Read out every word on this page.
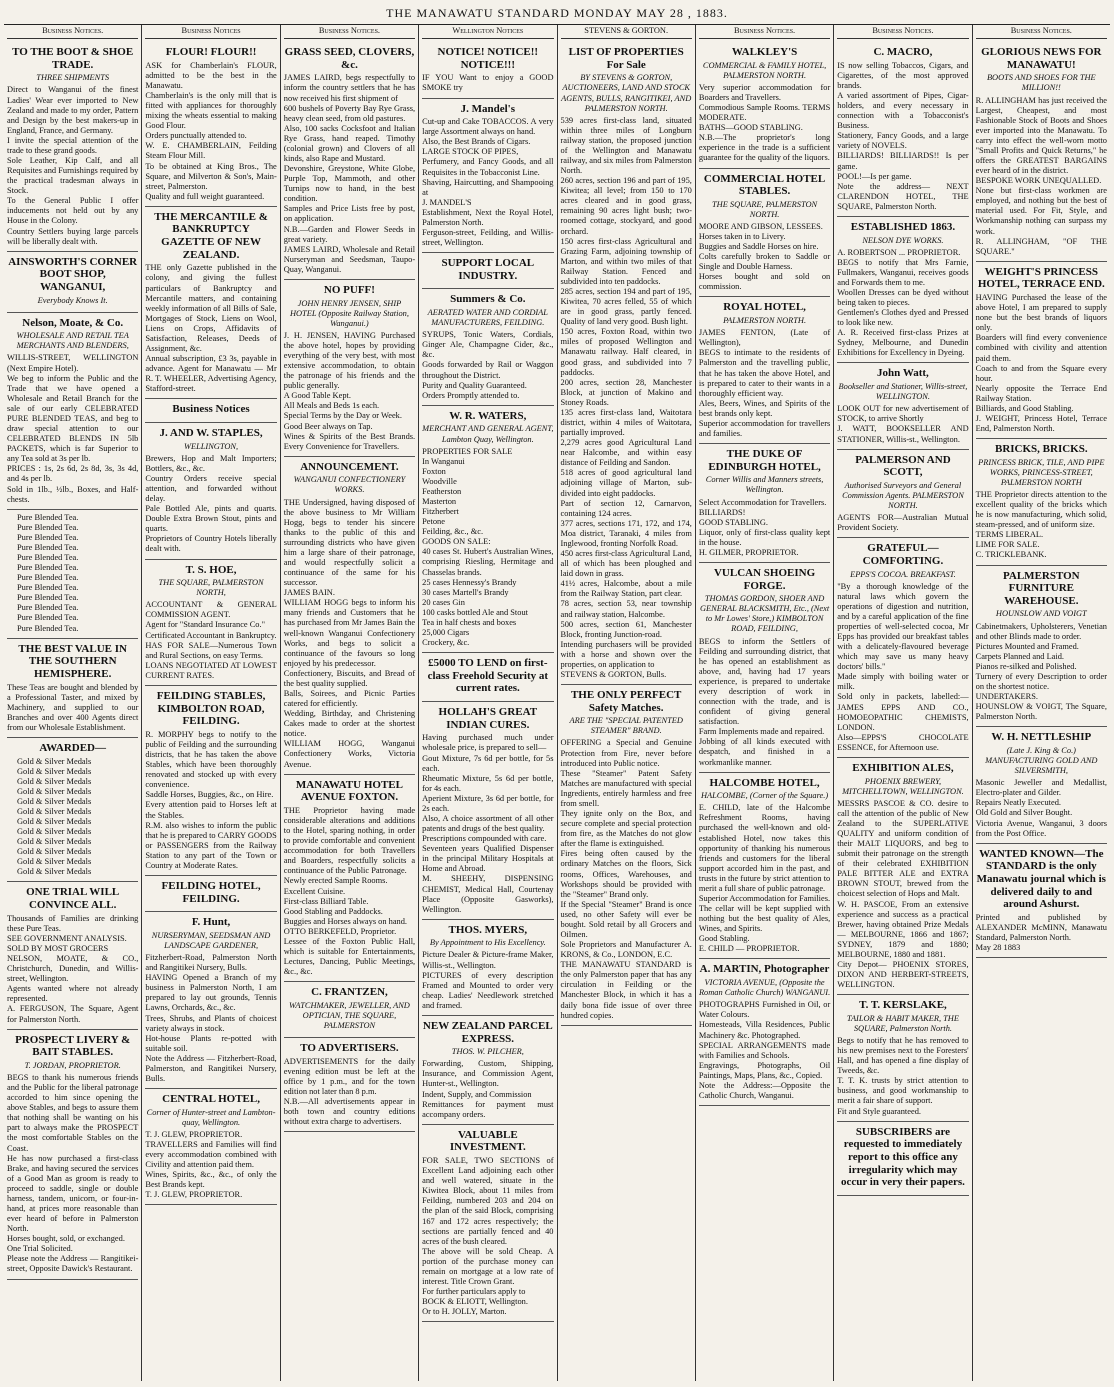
THE MANAWATU STANDARD MONDAY MAY 28 , 1883.
Business Notices.
TO THE BOOT & SHOE TRADE.
THREE SHIPMENTS
Direct to Wanganui of the finest Ladies' Wear ever imported to New Zealand and made to my order, Pattern and Design by the best makers-up in England, France, and Germany.
I invite the special attention of the trade to these grand goods.
Sole Leather, Kip Calf, and all Requisites and Furnishings required by the practical tradesman always in Stock.
To the General Public I offer inducements not held out by any House in the Colony.
Country Settlers buying large parcels will be liberally dealt with.
AINSWORTH'S CORNER BOOT SHOP, WANGANUI,
Everybody Knows It.
Nelson, Moate, & Co.
WHOLESALE AND RETAIL TEA MERCHANTS AND BLENDERS,
WILLIS-STREET, WELLINGTON (Next Empire Hotel).
We beg to inform the Public and the Trade that we have opened a Wholesale and Retail Branch for the sale of our early CELEBRATED PURE BLENDED TEAS, and beg to draw special attention to our CELEBRATED BLENDS IN 5lb PACKETS, which is far Superior to any Tea sold at 3s per lb.
PRICES : 1s, 2s 6d, 2s 8d, 3s, 3s 4d, and 4s per lb.
Sold in 1lb., ½lb., Boxes, and Half-chests.
Pure Blended Tea.
Pure Blended Tea.
Pure Blended Tea.
Pure Blended Tea.
Pure Blended Tea.
Pure Blended Tea.
Pure Blended Tea.
Pure Blended Tea.
Pure Blended Tea.
Pure Blended Tea.
Pure Blended Tea.
Pure Blended Tea.
THE BEST VALUE IN THE SOUTHERN HEMISPHERE.
These Teas are bought and blended by a Professional Taster, and mixed by Machinery, and supplied to our Branches and over 400 Agents direct from our Wholesale Establishment.
AWARDED—
Gold & Silver Medals
Gold & Silver Medals
Gold & Silver Medals
Gold & Silver Medals
Gold & Silver Medals
Gold & Silver Medals
Gold & Silver Medals
Gold & Silver Medals
Gold & Silver Medals
Gold & Silver Medals
Gold & Silver Medals
Gold & Silver Medals
ONE TRIAL WILL CONVINCE ALL.
Thousands of Families are drinking these Pure Teas.
SEE GOVERNMENT ANALYSIS.
SOLD BY MOST GROCERS
NELSON, MOATE, & CO., Christchurch, Dunedin, and Willis-street, Wellington.
Agents wanted where not already represented.
A. FERGUSON, The Square, Agent for Palmerston North.
PROSPECT LIVERY & BAIT STABLES.
T. JORDAN, PROPRIETOR.
BEGS to thank his numerous friends and the Public for the liberal patronage accorded to him since opening the above Stables, and begs to assure them that nothing shall be wanting on his part to always make the PROSPECT the most comfortable Stables on the Coast.
He has now purchased a first-class Brake, and having secured the services of a Good Man as groom is ready to proceed to saddle, single or double harness, tandem, unicorn, or four-in-hand, at prices more reasonable than ever heard of before in Palmerston North.
Horses bought, sold, or exchanged.
One Trial Solicited.
Please note the Address — Rangitikei-street, Opposite Dawick's Restaurant.
Business Notices
FLOUR! FLOUR!!
ASK for Chamberlain's FLOUR, admitted to be the best in the Manawatu.
Chamberlain's is the only mill that is fitted with appliances for thoroughly mixing the wheats essential to making Good Flour.
Orders punctually attended to.
W. E. CHAMBERLAIN, Feilding Steam Flour Mill.
To be obtained at King Bros., The Square, and Milverton & Son's, Main-street, Palmerston.
Quality and full weight guaranteed.
THE MERCANTILE & BANKRUPTCY GAZETTE OF NEW ZEALAND.
THE only Gazette published in the colony, and giving the fullest particulars of Bankruptcy and Mercantile matters, and containing weekly information of all Bills of Sale, Mortgages of Stock, Liens on Wool, Liens on Crops, Affidavits of Satisfaction, Releases, Deeds of Assignment, &c.
Annual subscription, £3 3s, payable in advance. Agent for Manawatu — Mr R. T. WHEELER, Advertising Agency, Stafford-street.
Business Notices
J. AND W. STAPLES,
WELLINGTON,
Brewers, Hop and Malt Importers; Bottlers, &c., &c.
Country Orders receive special attention, and forwarded without delay.
Pale Bottled Ale, pints and quarts. Double Extra Brown Stout, pints and quarts.
Proprietors of Country Hotels liberally dealt with.
T. S. HOE,
THE SQUARE, PALMERSTON NORTH,
ACCOUNTANT & GENERAL COMMISSION AGENT.
Agent for "Standard Insurance Co."
Certificated Accountant in Bankruptcy.
HAS FOR SALE—Numerous Town and Rural Sections, on easy Terms.
LOANS NEGOTIATED AT LOWEST CURRENT RATES.
FEILDING STABLES, KIMBOLTON ROAD, FEILDING.
R. MORPHY begs to notify to the public of Feilding and the surrounding districts, that he has taken the above Stables, which have been thoroughly renovated and stocked up with every convenience.
Saddle Horses, Buggies, &c., on Hire.
Every attention paid to Horses left at the Stables.
R.M. also wishes to inform the public that he is prepared to CARRY GOODS or PASSENGERS from the Railway Station to any part of the Town or Country at Moderate Rates.
FEILDING HOTEL, FEILDING.
F. Hunt,
NURSERYMAN, SEEDSMAN AND LANDSCAPE GARDENER,
Fitzherbert-Road, Palmerston North and Rangitikei Nursery, Bulls.
HAVING Opened a Branch of my business in Palmerston North, I am prepared to lay out grounds, Tennis Lawns, Orchards, &c., &c.
Trees, Shrubs, and Plants of choicest variety always in stock.
Hot-house Plants re-potted with suitable soil.
Note the Address — Fitzherbert-Road, Palmerston, and Rangitikei Nursery, Bulls.
CENTRAL HOTEL,
Corner of Hunter-street and Lambton-quay, Wellington.
T. J. GLEW, PROPRIETOR.
TRAVELLERS and Families will find every accommodation combined with Civility and attention paid them.
Wines, Spirits, &c., &c., of only the Best Brands kept.
T. J. GLEW, PROPRIETOR.
Business Notices.
GRASS SEED, CLOVERS, &c.
JAMES LAIRD, begs respectfully to inform the country settlers that he has now received his first shipment of
600 bushels of Poverty Bay Rye Grass, heavy clean seed, from old pastures.
Also, 100 sacks Cocksfoot and Italian Rye Grass, hand reaped. Timothy (colonial grown) and Clovers of all kinds, also Rape and Mustard.
Devonshire, Greystone, White Globe, Purple Top, Mammoth, and other Turnips now to hand, in the best condition.
Samples and Price Lists free by post, on application.
N.B.—Garden and Flower Seeds in great variety.
JAMES LAIRD, Wholesale and Retail Nurseryman and Seedsman, Taupo-Quay, Wanganui.
NO PUFF!
JOHN HENRY JENSEN, SHIP HOTEL (Opposite Railway Station, Wanganui.)
J. H. JENSEN, HAVING Purchased the above hotel, hopes by providing everything of the very best, with most extensive accommodation, to obtain the patronage of his friends and the public generally.
A Good Table Kept.
All Meals and Beds 1s each.
Special Terms by the Day or Week.
Good Beer always on Tap.
Wines & Spirits of the Best Brands. Every Convenience for Travellers.
ANNOUNCEMENT.
WANGANUI CONFECTIONERY WORKS.
THE Undersigned, having disposed of the above business to Mr William Hogg, begs to tender his sincere thanks to the public of this and surrounding districts who have given him a large share of their patronage, and would respectfully solicit a continuance of the same for his successor.
JAMES BAIN.
WILLIAM HOGG begs to inform his many friends and Customers that he has purchased from Mr James Bain the well-known Wanganui Confectionery Works, and begs to solicit a continuance of the favours so long enjoyed by his predecessor.
Confectionery, Biscuits, and Bread of the best quality supplied.
Balls, Soirees, and Picnic Parties catered for efficiently.
Wedding, Birthday, and Christening Cakes made to order at the shortest notice.
WILLIAM HOGG, Wanganui Confectionery Works, Victoria Avenue.
MANAWATU HOTEL AVENUE FOXTON.
THE Proprietor having made considerable alterations and additions to the Hotel, sparing nothing, in order to provide comfortable and convenient accommodation for both Travellers and Boarders, respectfully solicits a continuance of the Public Patronage.
Newly erected Sample Rooms.
Excellent Cuisine.
First-class Billiard Table.
Good Stabling and Paddocks.
Buggies and Horses always on hand.
OTTO BERKEFELD, Proprietor.
Lessee of the Foxton Public Hall, which is suitable for Entertainments, Lectures, Dancing, Public Meetings, &c., &c.
C. FRANTZEN,
WATCHMAKER, JEWELLER, AND OPTICIAN, THE SQUARE, PALMERSTON
TO ADVERTISERS.
ADVERTISEMENTS for the daily evening edition must be left at the office by 1 p.m., and for the town edition not later than 8 p.m.
N.B.—All advertisements appear in both town and country editions without extra charge to advertisers.
Wellington Notices
NOTICE! NOTICE!! NOTICE!!!
IF YOU Want to enjoy a GOOD SMOKE try
J. Mandel's
Cut-up and Cake TOBACCOS. A very large Assortment always on hand.
Also, the Best Brands of Cigars.
LARGE STOCK OF PIPES,
Perfumery, and Fancy Goods, and all Requisites in the Tobacconist Line.
Shaving, Haircutting, and Shampooing at
J. MANDEL'S
Establishment, Next the Royal Hotel, Palmerston North.
Ferguson-street, Feilding, and Willis-street, Wellington.
SUPPORT LOCAL INDUSTRY.
Summers & Co.
AERATED WATER AND CORDIAL MANUFACTURERS, FEILDING.
SYRUPS, Tonic Waters, Cordials, Ginger Ale, Champagne Cider, &c., &c.
Goods forwarded by Rail or Waggon throughout the District.
Purity and Quality Guaranteed.
Orders Promptly attended to.
W. R. WATERS,
MERCHANT AND GENERAL AGENT, Lambton Quay, Wellington.
PROPERTIES FOR SALE
In Wanganui
Foxton
Woodville
Featherston
Masterton
Fitzherbert
Petone
Feilding, &c., &c.
GOODS ON SALE:
40 cases St. Hubert's Australian Wines, comprising Riesling, Hermitage and Chasselas brands.
25 cases Hennessy's Brandy
30 cases Martell's Brandy
20 cases Gin
100 casks bottled Ale and Stout
Tea in half chests and boxes
25,000 Cigars
Crockery, &c.
£5000 TO LEND on first-class Freehold Security at current rates.
HOLLAH'S GREAT INDIAN CURES.
Having purchased much under wholesale price, is prepared to sell—
Gout Mixture, 7s 6d per bottle, for 5s each.
Rheumatic Mixture, 5s 6d per bottle, for 4s each.
Aperient Mixture, 3s 6d per bottle, for 2s each.
Also, A choice assortment of all other patents and drugs of the best quality.
Prescriptions compounded with care.
Seventeen years Qualified Dispenser in the principal Military Hospitals at Home and Abroad.
M. SHEEHY, DISPENSING CHEMIST, Medical Hall, Courtenay Place (Opposite Gasworks), Wellington.
THOS. MYERS,
By Appointment to His Excellency.
Picture Dealer & Picture-frame Maker, Willis-st., Wellington.
PICTURES of every description Framed and Mounted to order very cheap. Ladies' Needlework stretched and framed.
NEW ZEALAND PARCEL EXPRESS.
THOS. W. PILCHER,
Forwarding, Custom, Shipping, Insurance, and Commission Agent, Hunter-st., Wellington.
Indent, Supply, and Commission
Remittances for payment must accompany orders.
VALUABLE INVESTMENT.
FOR SALE, TWO SECTIONS of Excellent Land adjoining each other and well watered, situate in the Kiwitea Block, about 11 miles from Feilding, numbered 203 and 204 on the plan of the said Block, comprising 167 and 172 acres respectively; the sections are partially fenced and 40 acres of the bush cleared.
The above will be sold Cheap. A portion of the purchase money can remain on mortgage at a low rate of interest. Title Crown Grant.
For further particulars apply to
BOCK & ELIOTT, Wellington.
Or to H. JOLLY, Marton.
STEVENS & GORTON.
LIST OF PROPERTIES For Sale
BY STEVENS & GORTON, AUCTIONEERS, LAND AND STOCK AGENTS, BULLS, RANGITIKEI, AND PALMERSTON NORTH.
539 acres first-class land, situated within three miles of Longburn railway station, the proposed junction of the Wellington and Manawatu railway, and six miles from Palmerston North.
260 acres, section 196 and part of 195, Kiwitea; all level; from 150 to 170 acres cleared and in good grass, remaining 90 acres light bush; two-roomed cottage, stockyard, and good orchard.
150 acres first-class Agricultural and Grazing Farm, adjoining township of Marton, and within two miles of that Railway Station. Fenced and subdivided into ten paddocks.
285 acres, section 194 and part of 195, Kiwitea, 70 acres felled, 55 of which are in good grass, partly fenced. Quality of land very good. Bush light.
150 acres, Foxton Road, within two miles of proposed Wellington and Manawatu railway. Half cleared, in good grass, and subdivided into 7 paddocks.
200 acres, section 28, Manchester Block, at junction of Makino and Stoney Roads.
135 acres first-class land, Waitotara district, within 4 miles of Waitotara, partially improved.
2,279 acres good Agricultural Land near Halcombe, and within easy distance of Feilding and Sandon.
518 acres of good agricultural land adjoining village of Marton, sub-divided into eight paddocks.
Part of section 12, Carnarvon, containing 124 acres.
377 acres, sections 171, 172, and 174, Moa district, Taranaki, 4 miles from Inglewood, fronting Norfolk Road.
450 acres first-class Agricultural Land, all of which has been ploughed and laid down in grass.
41½ acres, Halcombe, about a mile from the Railway Station, part clear.
78 acres, section 53, near township and railway station, Halcombe.
500 acres, section 61, Manchester Block, fronting Junction-road.
Intending purchasers will be provided with a horse and shown over the properties, on application to
STEVENS & GORTON, Bulls.
THE ONLY PERFECT Safety Matches.
ARE THE "SPECIAL PATENTED STEAMER" BRAND.
OFFERING a Special and Genuine Protection from Fire, never before introduced into Public notice.
These "Steamer" Patent Safety Matches are manufactured with special Ingredients, entirely harmless and free from smell.
They ignite only on the Box, and secure complete and special protection from fire, as the Matches do not glow after the flame is extinguished.
Fires being often caused by the ordinary Matches on the floors, Sick rooms, Offices, Warehouses, and Workshops should be provided with the "Steamer" Brand only.
If the Special "Steamer" Brand is once used, no other Safety will ever be bought. Sold retail by all Grocers and Oilmen.
Sole Proprietors and Manufacturer A. KRONS, & Co., LONDON, E.C.
THE MANAWATU STANDARD is the only Palmerston paper that has any circulation in Feilding or the Manchester Block, in which it has a daily bona fide issue of over three hundred copies.
Business Notices.
WALKLEY'S
COMMERCIAL & FAMILY HOTEL, PALMERSTON NORTH.
Very superior accommodation for Boarders and Travellers.
Commodious Sample Rooms. TERMS MODERATE.
BATHS—GOOD STABLING.
N.B.—The proprietor's long experience in the trade is a sufficient guarantee for the quality of the liquors.
COMMERCIAL HOTEL STABLES.
THE SQUARE, PALMERSTON NORTH.
MOORE AND GIBSON, LESSEES.
Horses taken in to Livery.
Buggies and Saddle Horses on hire.
Colts carefully broken to Saddle or Single and Double Harness.
Horses bought and sold on commission.
ROYAL HOTEL,
PALMERSTON NORTH.
JAMES FENTON, (Late of Wellington),
BEGS to intimate to the residents of Palmerston and the travelling public, that he has taken the above Hotel, and is prepared to cater to their wants in a thoroughly efficient way.
Ales, Beers, Wines, and Spirits of the best brands only kept.
Superior accommodation for travellers and families.
THE DUKE OF EDINBURGH HOTEL,
Corner Willis and Manners streets, Wellington.
Select Accommodation for Travellers.
BILLIARDS!
GOOD STABLING.
Liquor, only of first-class quality kept in the house.
H. GILMER, PROPRIETOR.
VULCAN SHOEING FORGE.
THOMAS GORDON, SHOER AND GENERAL BLACKSMITH, Etc., (Next to Mr Lowes' Store,) KIMBOLTON ROAD, FEILDING,
BEGS to inform the Settlers of Feilding and surrounding district, that he has opened an establishment as above, and, having had 17 years experience, is prepared to undertake every description of work in connection with the trade, and is confident of giving general satisfaction.
Farm Implements made and repaired.
Jobbing of all kinds executed with despatch, and finished in a workmanlike manner.
HALCOMBE HOTEL,
HALCOMBE, (Corner of the Square.)
E. CHILD, late of the Halcombe Refreshment Rooms, having purchased the well-known and old-established Hotel, now takes this opportunity of thanking his numerous friends and customers for the liberal support accorded him in the past, and trusts in the future by strict attention to merit a full share of public patronage.
Superior Accommodation for Families.
The cellar will be kept supplied with nothing but the best quality of Ales, Wines, and Spirits.
Good Stabling.
E. CHILD — PROPRIETOR.
A. MARTIN, Photographer
VICTORIA AVENUE, (Opposite the Roman Catholic Church) WANGANUI.
PHOTOGRAPHS Furnished in Oil, or Water Colours.
Homesteads, Villa Residences, Public Machinery &c. Photographed.
SPECIAL ARRANGEMENTS made with Families and Schools.
Engravings, Photographs, Oil Paintings, Maps, Plans, &c., Copied.
Note the Address:—Opposite the Catholic Church, Wanganui.
Business Notices.
C. MACRO,
IS now selling Tobaccos, Cigars, and Cigarettes, of the most approved brands.
A varied assortment of Pipes, Cigar-holders, and every necessary in connection with a Tobacconist's Business.
Stationery, Fancy Goods, and a large variety of NOVELS.
BILLIARDS! BILLIARDS!! Is per game.
POOL!—Is per game.
Note the address— NEXT CLARENDON HOTEL, THE SQUARE, Palmerston North.
ESTABLISHED 1863.
NELSON DYE WORKS.
A. ROBERTSON ... PROPRIETOR.
BEGS to notify that Mrs Farnie, Fullmakers, Wanganui, receives goods and Forwards them to me.
Woollen Dresses can be dyed without being taken to pieces.
Gentlemen's Clothes dyed and Pressed to look like new.
A. R. Received first-class Prizes at Sydney, Melbourne, and Dunedin Exhibitions for Excellency in Dyeing.
John Watt,
Bookseller and Stationer, Willis-street, WELLINGTON.
LOOK OUT for new advertisement of STOCK, to arrive Shortly
J. WATT, BOOKSELLER AND STATIONER, Willis-st., Wellington.
PALMERSON AND SCOTT,
Authorised Surveyors and General Commission Agents. PALMERSTON NORTH.
AGENTS FOR—Australian Mutual Provident Society.
GRATEFUL—COMFORTING.
EPPS'S COCOA. BREAKFAST.
"By a thorough knowledge of the natural laws which govern the operations of digestion and nutrition, and by a careful application of the fine properties of well-selected cocoa, Mr Epps has provided our breakfast tables with a delicately-flavoured beverage which may save us many heavy doctors' bills."
Made simply with boiling water or milk.
Sold only in packets, labelled:— JAMES EPPS AND CO., HOMOEOPATHIC CHEMISTS, LONDON.
Also—EPPS'S CHOCOLATE ESSENCE, for Afternoon use.
EXHIBITION ALES,
PHOENIX BREWERY, MITCHELLTOWN, WELLINGTON.
MESSRS PASCOE & CO. desire to call the attention of the public of New Zealand to the SUPERLATIVE QUALITY and uniform condition of their MALT LIQUORS, and beg to submit their patronage on the strength of their celebrated EXHIBITION PALE BITTER ALE and EXTRA BROWN STOUT, brewed from the choicest selection of Hops and Malt.
W. H. PASCOE, From an extensive experience and success as a practical Brewer, having obtained Prize Medals— MELBOURNE, 1866 and 1867; SYDNEY, 1879 and 1880; MELBOURNE, 1880 and 1881.
City Depot— PHOENIX STORES, DIXON AND HERBERT-STREETS, WELLINGTON.
T. T. KERSLAKE,
TAILOR & HABIT MAKER, THE SQUARE, Palmerston North.
Begs to notify that he has removed to his new premises next to the Foresters' Hall, and has opened a fine display of Tweeds, &c.
T. T. K. trusts by strict attention to business, and good workmanship to merit a fair share of support.
Fit and Style guaranteed.
SUBSCRIBERS are requested to immediately report to this office any irregularity which may occur in very their papers.
Business Notices.
GLORIOUS NEWS FOR MANAWATU!
BOOTS AND SHOES FOR THE MILLION!!
R. ALLINGHAM has just received the Largest, Cheapest, and most Fashionable Stock of Boots and Shoes ever imported into the Manawatu. To carry into effect the well-worn motto "Small Profits and Quick Returns," he offers the GREATEST BARGAINS ever heard of in the district.
BESPOKE WORK UNEQUALLED.
None but first-class workmen are employed, and nothing but the best of material used. For Fit, Style, and Workmanship nothing can surpass my work.
R. ALLINGHAM, "OF THE SQUARE."
WEIGHT'S PRINCESS HOTEL, TERRACE END.
HAVING Purchased the lease of the above Hotel, I am prepared to supply none but the best brands of liquors only.
Boarders will find every convenience combined with civility and attention paid them.
Coach to and from the Square every hour.
Nearly opposite the Terrace End Railway Station.
Billiards, and Good Stabling.
J. WEIGHT, Princess Hotel, Terrace End, Palmerston North.
BRICKS, BRICKS.
PRINCESS BRICK, TILE, AND PIPE WORKS, PRINCESS-STREET, PALMERSTON NORTH
THE Proprietor directs attention to the excellent quality of the bricks which he is now manufacturing, which solid, steam-pressed, and of uniform size.
TERMS LIBERAL.
LIME FOR SALE.
C. TRICKLEBANK.
PALMERSTON FURNITURE WAREHOUSE.
HOUNSLOW AND VOIGT
Cabinetmakers, Upholsterers, Venetian and other Blinds made to order.
Pictures Mounted and Framed.
Carpets Planned and Laid.
Pianos re-silked and Polished.
Turnery of every Description to order on the shortest notice.
UNDERTAKERS.
HOUNSLOW & VOIGT, The Square, Palmerston North.
W. H. NETTLESHIP
(Late J. King & Co.) MANUFACTURING GOLD AND SILVERSMITH,
Masonic Jeweller and Medallist, Electro-plater and Gilder.
Repairs Neatly Executed.
Old Gold and Silver Bought.
Victoria Avenue, Wanganui, 3 doors from the Post Office.
WANTED KNOWN—The STANDARD is the only Manawatu journal which is delivered daily to and around Ashurst.
Printed and published by ALEXANDER McMINN, Manawatu Standard, Palmerston North.
May 28 1883
